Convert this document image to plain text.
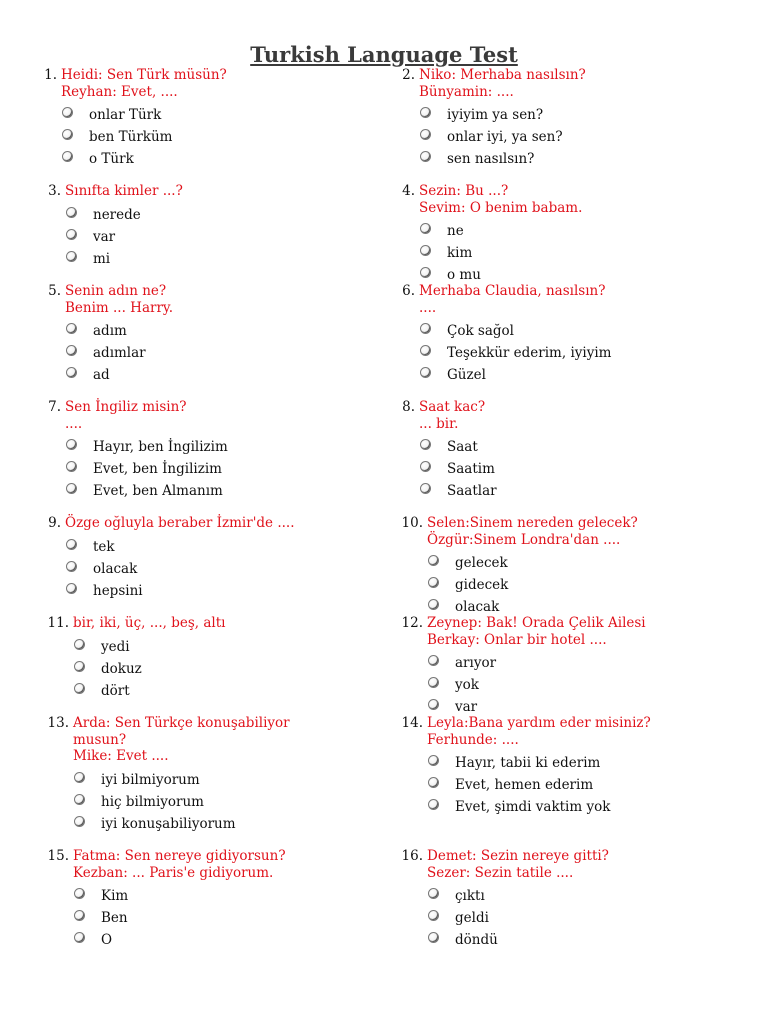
Turkish Language Test
1. Heidi: Sen Türk müsün?
Reyhan: Evet, ....
onlar Türk
ben Türküm
o Türk
3. Sınıfta kimler ...?
nerede
var
mi
5. Senin adın ne?
Benim ... Harry.
adım
adımlar
ad
7. Sen İngiliz misin?
....
Hayır, ben İngilizim
Evet, ben İngilizim
Evet, ben Almanım
9. Özge oğluyla beraber İzmir'de ....
tek
olacak
hepsini
11. bir, iki, üç, ..., beş, altı
yedi
dokuz
dört
13. Arda: Sen Türkçe konuşabiliyor
musun?
Mike: Evet ....
iyi bilmiyorum
hiç bilmiyorum
iyi konuşabiliyorum
15. Fatma: Sen nereye gidiyorsun?
Kezban: ... Paris'e gidiyorum.
Kim
Ben
O
2. Niko: Merhaba nasılsın?
Bünyamin: ....
iyiyim ya sen?
onlar iyi, ya sen?
sen nasılsın?
4. Sezin: Bu ...?
Sevim: O benim babam.
ne
kim
o mu
6. Merhaba Claudia, nasılsın?
....
Çok sağol
Teşekkür ederim, iyiyim
Güzel
8. Saat kac?
... bir.
Saat
Saatim
Saatlar
10. Selen:Sinem nereden gelecek?
Özgür:Sinem Londra'dan ....
gelecek
gidecek
olacak
12. Zeynep: Bak! Orada Çelik Ailesi
Berkay: Onlar bir hotel ....
arıyor
yok
var
14. Leyla:Bana yardım eder misiniz?
Ferhunde: ....
Hayır, tabii ki ederim
Evet, hemen ederim
Evet, şimdi vaktim yok
16. Demet: Sezin nereye gitti?
Sezer: Sezin tatile ....
çıktı
geldi
döndü
